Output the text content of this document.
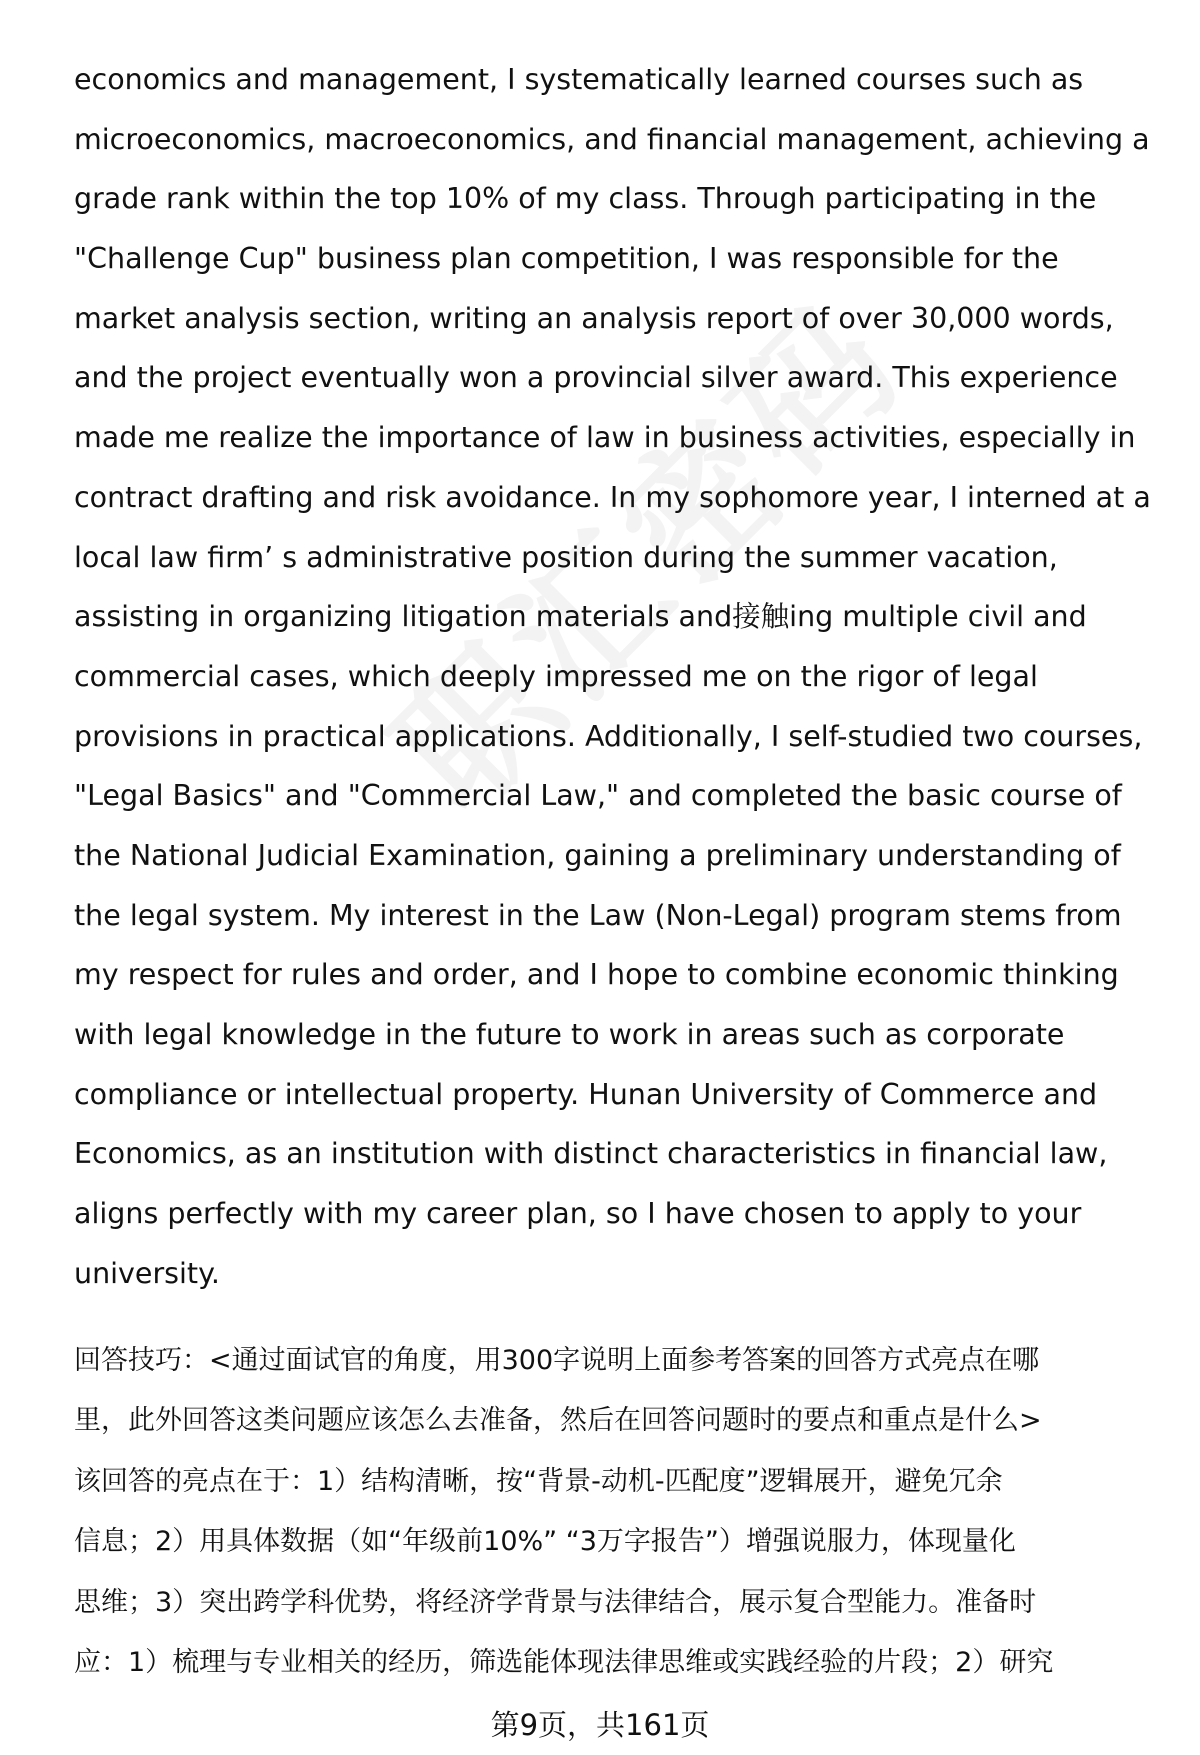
economics and management, I systematically learned courses such as
microeconomics, macroeconomics, and financial management, achieving a
grade rank within the top 10% of my class. Through participating in the
"Challenge Cup" business plan competition, I was responsible for the
market analysis section, writing an analysis report of over 30,000 words,
and the project eventually won a provincial silver award. This experience
made me realize the importance of law in business activities, especially in
contract drafting and risk avoidance. In my sophomore year, I interned at a
local law firm’ s administrative position during the summer vacation,
assisting in organizing litigation materials and接触ing multiple civil and
commercial cases, which deeply impressed me on the rigor of legal
provisions in practical applications. Additionally, I self-studied two courses,
"Legal Basics" and "Commercial Law," and completed the basic course of
the National Judicial Examination, gaining a preliminary understanding of
the legal system. My interest in the Law (Non-Legal) program stems from
my respect for rules and order, and I hope to combine economic thinking
with legal knowledge in the future to work in areas such as corporate
compliance or intellectual property. Hunan University of Commerce and
Economics, as an institution with distinct characteristics in financial law,
aligns perfectly with my career plan, so I have chosen to apply to your
university.
回答技巧：<通过面试官的角度，用300字说明上面参考答案的回答方式亮点在哪
里，此外回答这类问题应该怎么去准备，然后在回答问题时的要点和重点是什么>
该回答的亮点在于：1）结构清晰，按“背景-动机-匹配度”逻辑展开，避免冗余
信息；2）用具体数据（如“年级前10%” “3万字报告”）增强说服力，体现量化
思维；3）突出跨学科优势，将经济学背景与法律结合，展示复合型能力。准备时
应：1）梳理与专业相关的经历，筛选能体现法律思维或实践经验的片段；2）研究
第9页，共161页
